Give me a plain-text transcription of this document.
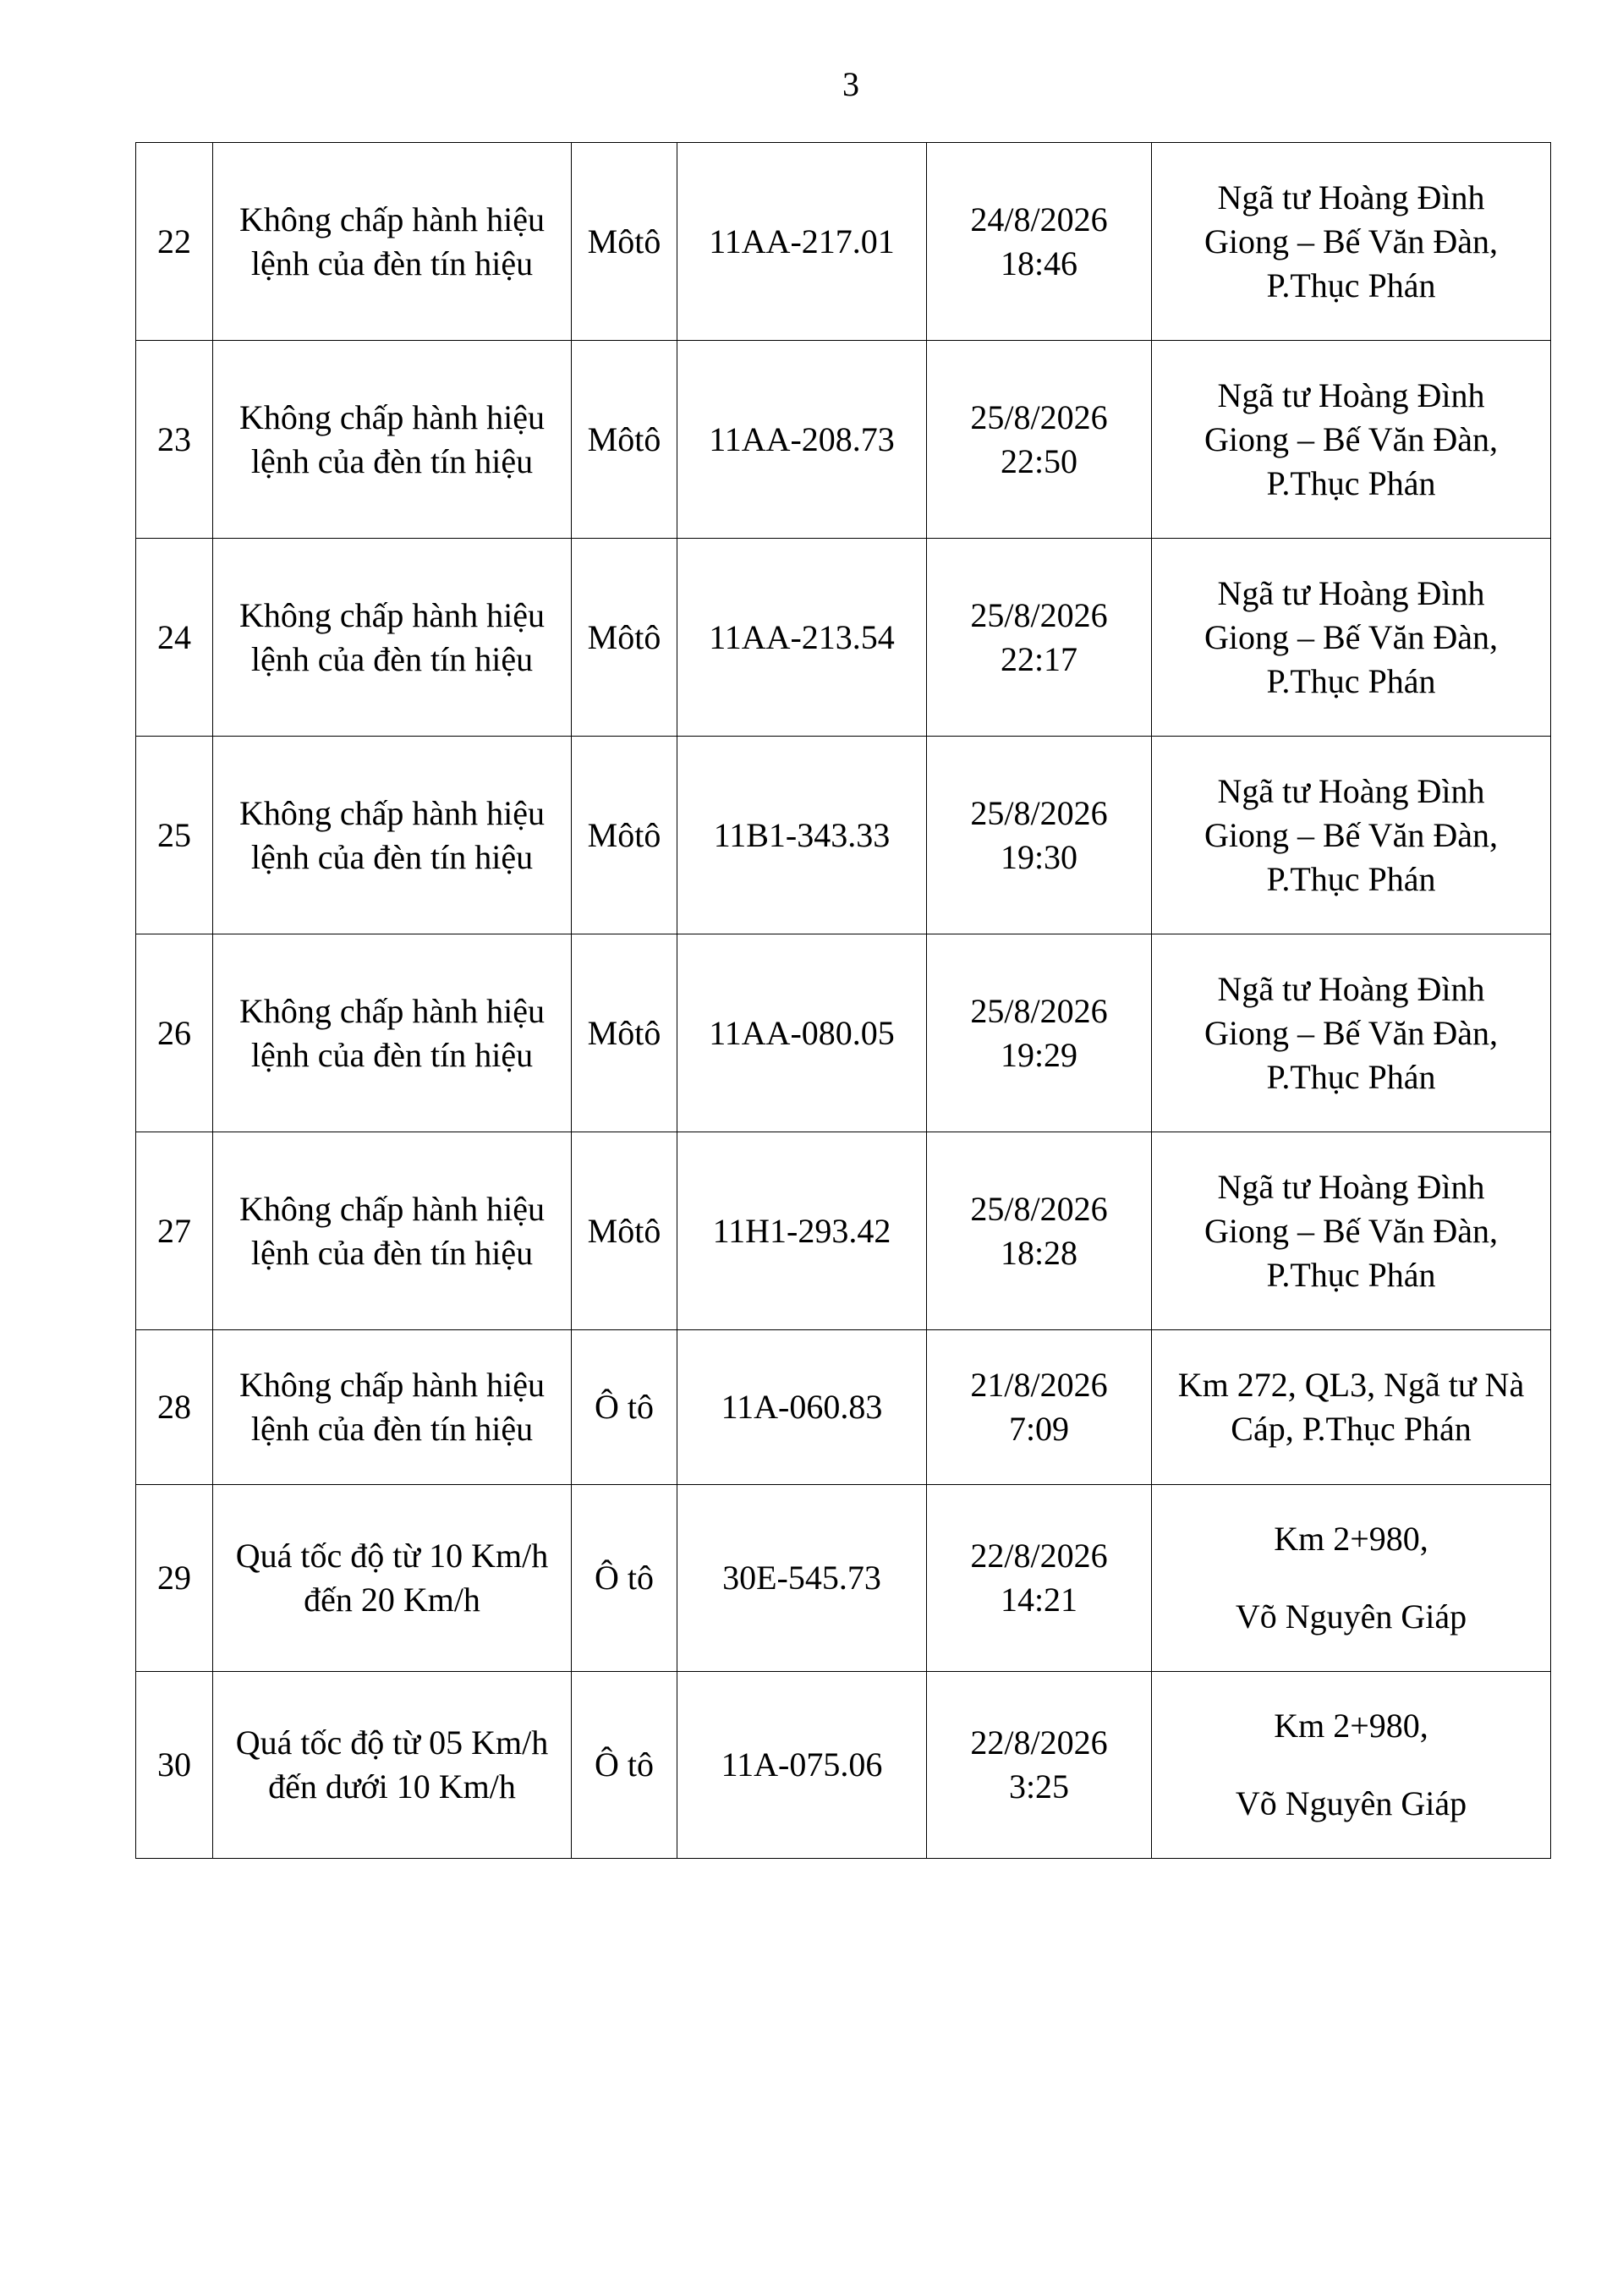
3
22	Không chấp hành hiệu
lệnh của đèn tín hiệu	Môtô	11AA-217.01	24/8/2026
18:46	Ngã tư Hoàng Đình
Giong – Bế Văn Đàn,
P.Thục Phán

23	Không chấp hành hiệu
lệnh của đèn tín hiệu	Môtô	11AA-208.73	25/8/2026
22:50	Ngã tư Hoàng Đình
Giong – Bế Văn Đàn,
P.Thục Phán

24	Không chấp hành hiệu
lệnh của đèn tín hiệu	Môtô	11AA-213.54	25/8/2026
22:17	Ngã tư Hoàng Đình
Giong – Bế Văn Đàn,
P.Thục Phán

25	Không chấp hành hiệu
lệnh của đèn tín hiệu	Môtô	11B1-343.33	25/8/2026
19:30	Ngã tư Hoàng Đình
Giong – Bế Văn Đàn,
P.Thục Phán

26	Không chấp hành hiệu
lệnh của đèn tín hiệu	Môtô	11AA-080.05	25/8/2026
19:29	Ngã tư Hoàng Đình
Giong – Bế Văn Đàn,
P.Thục Phán

27	Không chấp hành hiệu
lệnh của đèn tín hiệu	Môtô	11H1-293.42	25/8/2026
18:28	Ngã tư Hoàng Đình
Giong – Bế Văn Đàn,
P.Thục Phán

28	Không chấp hành hiệu
lệnh của đèn tín hiệu	Ô tô	11A-060.83	21/8/2026
7:09	Km 272, QL3, Ngã tư Nà
Cáp, P.Thục Phán

29	Quá tốc độ từ 10 Km/h
đến 20 Km/h	Ô tô	30E-545.73	22/8/2026
14:21	Km 2+980,
Võ Nguyên Giáp

30	Quá tốc độ từ 05 Km/h
đến dưới 10 Km/h	Ô tô	11A-075.06	22/8/2026
3:25	Km 2+980,
Võ Nguyên Giáp
